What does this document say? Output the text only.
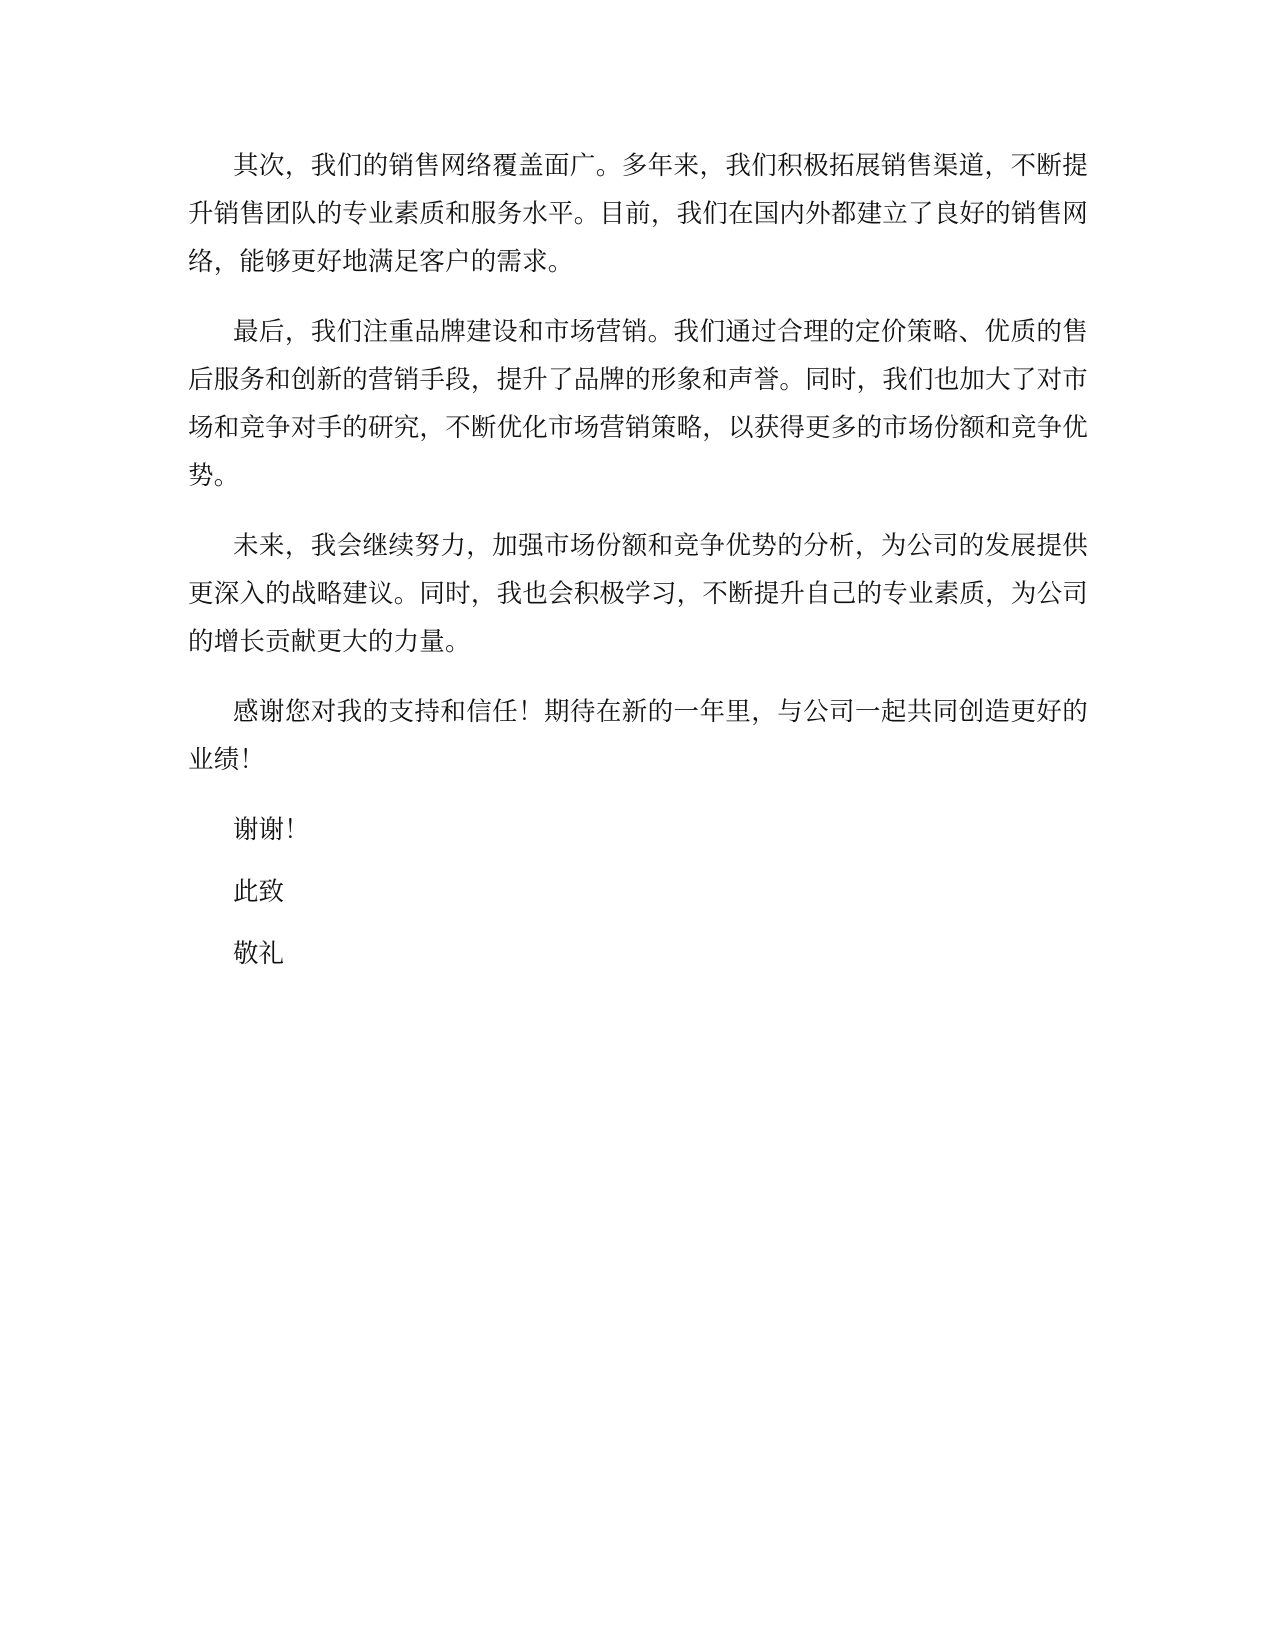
其次，我们的销售网络覆盖面广。多年来，我们积极拓展销售渠道，不断提升销售团队的专业素质和服务水平。目前，我们在国内外都建立了良好的销售网络，能够更好地满足客户的需求。

最后，我们注重品牌建设和市场营销。我们通过合理的定价策略、优质的售后服务和创新的营销手段，提升了品牌的形象和声誉。同时，我们也加大了对市场和竞争对手的研究，不断优化市场营销策略，以获得更多的市场份额和竞争优势。

未来，我会继续努力，加强市场份额和竞争优势的分析，为公司的发展提供更深入的战略建议。同时，我也会积极学习，不断提升自己的专业素质，为公司的增长贡献更大的力量。

感谢您对我的支持和信任！期待在新的一年里，与公司一起共同创造更好的业绩！

谢谢！

此致

敬礼
